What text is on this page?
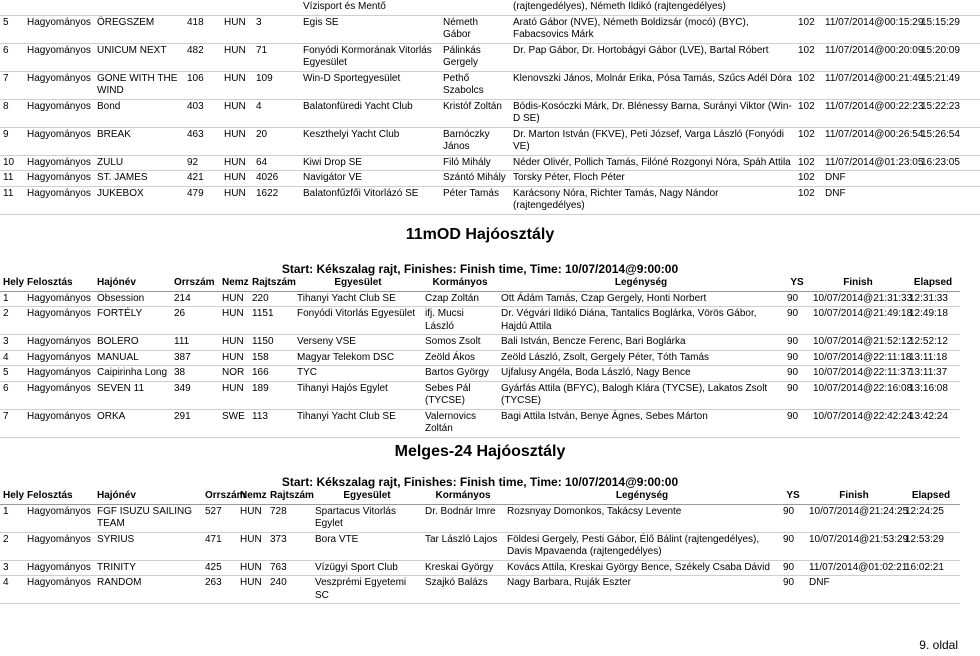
						Vízisport és Mentő		(rajtengedélyes), Németh Ildikó (rajtengedélyes)			
5	Hagyományos	ÖREGSZEM	418	HUN	3	Egis SE	Németh Gábor	Arató Gábor (NVE), Németh Boldizsár (mocó) (BYC), Fabacsovics Márk	102	11/07/2014@00:15:29	15:15:29
6	Hagyományos	UNICUM NEXT	482	HUN	71	Fonyódi Kormorának Vitorlás Egyesület	Pálinkás Gergely	Dr. Pap Gábor, Dr. Hortobágyi Gábor (LVE), Bartal Róbert	102	11/07/2014@00:20:09	15:20:09
7	Hagyományos	GONE WITH THE WIND	106	HUN	109	Win-D Sportegyesület	Pethő Szabolcs	Klenovszki János, Molnár Erika, Pósa Tamás, Szűcs Adél Dóra	102	11/07/2014@00:21:49	15:21:49
8	Hagyományos	Bond	403	HUN	4	Balatonfüredi Yacht Club	Kristóf Zoltán	Bódis-Kosóczki Márk, Dr. Blénessy Barna, Surányi Viktor (Win-D SE)	102	11/07/2014@00:22:23	15:22:23
9	Hagyományos	BREAK	463	HUN	20	Keszthelyi Yacht Club	Barnóczky János	Dr. Marton István (FKVE), Peti József, Varga László (Fonyódi VE)	102	11/07/2014@00:26:54	15:26:54
10	Hagyományos	ZULU	92	HUN	64	Kiwi Drop SE	Filó Mihály	Néder Olivér, Pollich Tamás, Filóné Rozgonyi Nóra, Spáh Attila	102	11/07/2014@01:23:05	16:23:05
11	Hagyományos	ST. JAMES	421	HUN	4026	Navigátor VE	Szántó Mihály	Torsky Péter, Floch Péter	102	DNF	
11	Hagyományos	JUKEBOX	479	HUN	1622	Balatonfűzfői Vitorlázó SE	Péter Tamás	Karácsony Nóra, Richter Tamás, Nagy Nándor (rajtengedélyes)	102	DNF	
11mOD Hajóosztály
Start: Kékszalag rajt, Finishes: Finish time, Time: 10/07/2014@9:00:00
Hely	Felosztás	Hajónév	Orrszám	Nemz	Rajtszám	Egyesület	Kormányos	Legénység	YS	Finish	Elapsed
1	Hagyományos	Obsession	214	HUN	220	Tihanyi Yacht Club SE	Czap Zoltán	Ott Ádám Tamás, Czap Gergely, Honti Norbert	90	10/07/2014@21:31:33	12:31:33
2	Hagyományos	FORTÉLY	26	HUN	1151	Fonyódi Vitorlás Egyesület	ifj. Mucsi László	Dr. Végvári Ildikó Diána, Tantalics Boglárka, Vörös Gábor, Hajdú Attila	90	10/07/2014@21:49:18	12:49:18
3	Hagyományos	BOLERO	111	HUN	1150	Verseny VSE	Somos Zsolt	Bali István, Bencze Ferenc, Bari Boglárka	90	10/07/2014@21:52:12	12:52:12
4	Hagyományos	MANUAL	387	HUN	158	Magyar Telekom DSC	Zeöld Ákos	Zeöld László, Zsolt, Gergely Péter, Tóth Tamás	90	10/07/2014@22:11:18	13:11:18
5	Hagyományos	Caipirinha Long	38	NOR	166	TYC	Bartos György	Ujfalusy Angéla, Boda László, Nagy Bence	90	10/07/2014@22:11:37	13:11:37
6	Hagyományos	SEVEN 11	349	HUN	189	Tihanyi Hajós Egylet	Sebes Pál (TYCSE)	Gyárfás Attila (BFYC), Balogh Klára (TYCSE), Lakatos Zsolt (TYCSE)	90	10/07/2014@22:16:08	13:16:08
7	Hagyományos	ORKA	291	SWE	113	Tihanyi Yacht Club SE	Valernovics Zoltán	Bagi Attila István, Benye Ágnes, Sebes Márton	90	10/07/2014@22:42:24	13:42:24
Melges-24 Hajóosztály
Start: Kékszalag rajt, Finishes: Finish time, Time: 10/07/2014@9:00:00
Hely	Felosztás	Hajónév	Orrszám	Nemz	Rajtszám	Egyesület	Kormányos	Legénység	YS	Finish	Elapsed
1	Hagyományos	FGF ISUZU SAILING TEAM	527	HUN	728	Spartacus Vitorlás Egylet	Dr. Bodnár Imre	Rozsnyay Domonkos, Takácsy Levente	90	10/07/2014@21:24:25	12:24:25
2	Hagyományos	SYRIUS	471	HUN	373	Bora VTE	Tar László Lajos	Földesi Gergely, Pesti Gábor, Élő Bálint (rajtengedélyes), Davis Mpavaenda (rajtengedélyes)	90	10/07/2014@21:53:29	12:53:29
3	Hagyományos	TRINITY	425	HUN	763	Vízügyi Sport Club	Kreskai György	Kovács Attila, Kreskai György Bence, Székely Csaba Dávid	90	11/07/2014@01:02:21	16:02:21
4	Hagyományos	RANDOM	263	HUN	240	Veszprémi Egyetemi SC	Szajkó Balázs	Nagy Barbara, Ruják Eszter	90	DNF	
9. oldal
